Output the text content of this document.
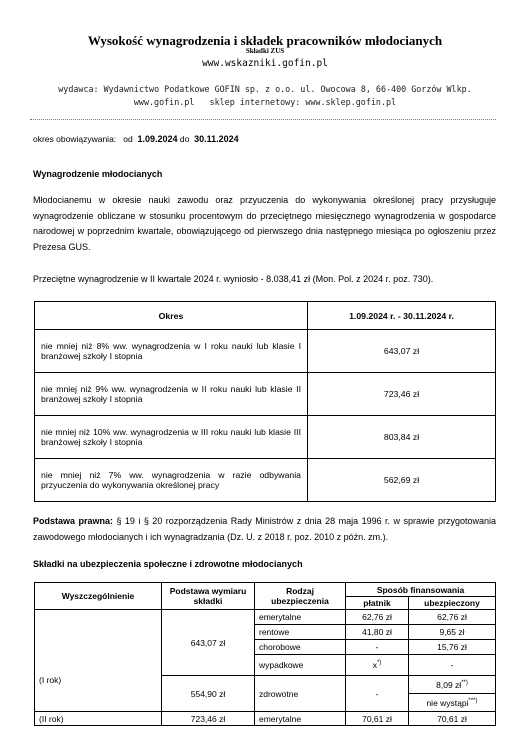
Wysokość wynagrodzenia i składek pracowników młodocianych
Składki ZUS
www.wskazniki.gofin.pl
wydawca: Wydawnictwo Podatkowe GOFIN sp. z o.o. ul. Owocowa 8, 66-400 Gorzów Wlkp.
www.gofin.pl   sklep internetowy: www.sklep.gofin.pl
okres obowiązywania: od 1.09.2024 do 30.11.2024
Wynagrodzenie młodocianych
Młodocianemu w okresie nauki zawodu oraz przyuczenia do wykonywania określonej pracy przysługuje wynagrodzenie obliczane w stosunku procentowym do przeciętnego miesięcznego wynagrodzenia w gospodarce narodowej w poprzednim kwartale, obowiązującego od pierwszego dnia następnego miesiąca po ogłoszeniu przez Prezesa GUS.
Przeciętne wynagrodzenie w II kwartale 2024 r. wyniosło - 8.038,41 zł (Mon. Pol. z 2024 r. poz. 730).
Okres	1.09.2024 r. - 30.11.2024 r.
nie mniej niż 8% ww. wynagrodzenia w I roku nauki lub klasie I branżowej szkoły I stopnia	643,07 zł
nie mniej niż 9% ww. wynagrodzenia w II roku nauki lub klasie II branżowej szkoły I stopnia	723,46 zł
nie mniej niż 10% ww. wynagrodzenia w III roku nauki lub klasie III branżowej szkoły I stopnia	803,84 zł
nie mniej niż 7% ww. wynagrodzenia w razie odbywania przyuczenia do wykonywania określonej pracy	562,69 zł
Podstawa prawna: § 19 i § 20 rozporządzenia Rady Ministrów z dnia 28 maja 1996 r. w sprawie przygotowania zawodowego młodocianych i ich wynagradzania (Dz. U. z 2018 r. poz. 2010 z późn. zm.).
Składki na ubezpieczenia społeczne i zdrowotne młodocianych
Wyszczególnienie	Podstawa wymiaru składki	Rodzaj ubezpieczenia	Sposób finansowania	
			płatnik	ubezpieczony
(I rok)	643,07 zł	emerytalne	62,76 zł	62,76 zł
		rentowe	41,80 zł	9,65 zł
		chorobowe	-	15,76 zł
		wypadkowe	x*)	-
	554,90 zł	zdrowotne	-	8,09 zł**)
				nie wystąpi***)
(II rok)	723,46 zł	emerytalne	70,61 zł	70,61 zł
